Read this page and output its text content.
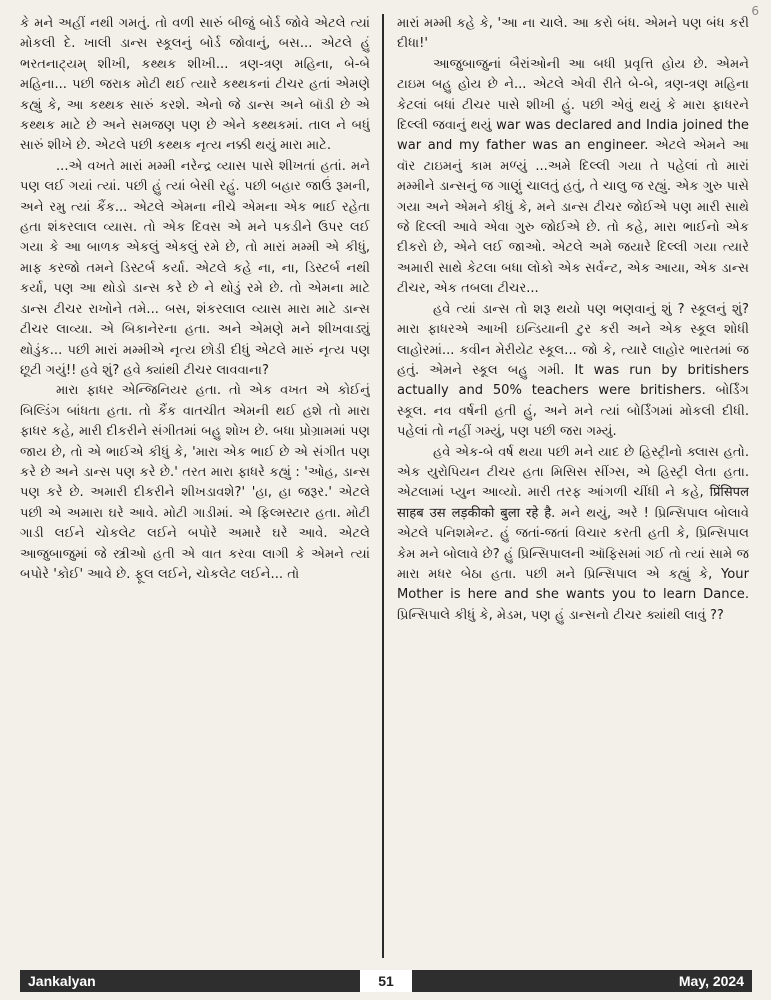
6

કે મને અહીં નથી ગમતું. તો વળી સારું બીજું બોર્ડ જોવે એટલે ત્યાં મોકલી દે. ખાલી ડાન્સ સ્કૂલનું બોર્ડ જોવાનું, બસ... એટલે હું ભરતનાટ્યમ્ શીખી, કથ્થક શીખી... ત્રણ-ત્રણ મહિના, બે-બે મહિના... પછી જરાક મોટી થઈ ત્યારે કથ્થકનાં ટીચર હતાં એમણે કહ્યું કે, આ કથ્થક સારું કરશે. એનો જે ડાન્સ અને બૉડી છે એ કથ્થક માટે છે અને સમજણ પણ છે એને કથ્થકમાં. તાલ ને બધું સારું શીખે છે. એટલે પછી કથ્થક નૃત્ય નક્કી થયું મારા માટે.

...એ વખતે મારાં મમ્મી નરેન્દ્ર વ્યાસ પાસે શીખતાં હતાં. મને પણ લઈ ગયાં ત્યાં. પછી હું ત્યાં બેસી રહું. પછી બહાર જાઉં રૂમની, અને રમુ ત્યાં કૈંક... એટલે એમના નીચે એમના એક ભાઈ રહેતા હતા શંકરલાલ વ્યાસ. તો એક દિવસ એ મને પકડીને ઉપર લઈ ગયા કે આ બાળક એકલું એકલું રમે છે, તો મારાં મમ્મી એ કીધું, માફ કરજો તમને ડિસ્ટર્બ કર્યા. એટલે કહે ના, ના, ડિસ્ટર્બ નથી કર્યા, પણ આ થોડો ડાન્સ કરે છે ને થોડું રમે છે. તો એમના માટે ડાન્સ ટીચર રાખોને તમે... બસ, શંકરલાલ વ્યાસ મારા માટે ડાન્સ ટીચર લાવ્યા. એ બિકાનેરના હતા. અને એમણે મને શીખવાડ્યું થોડુંક... પછી મારાં મમ્મીએ નૃત્ય છોડી દીધું એટલે મારું નૃત્ય પણ છૂટી ગયું!! હવે શું? હવે ક્યાંથી ટીચર લાવવાના?

મારા ફાધર એન્જિનિયર હતા. તો એક વખત એ કોઈનું બિલ્ડિંગ બાંધતા હતા. તો કૈંક વાતચીત એમની થઈ હશે તો મારા ફાધર કહે, મારી દીકરીને સંગીતમાં બહુ શોખ છે. બધા પ્રોગ્રામમાં પણ જાય છે, તો એ ભાઈએ કીધું કે, 'મારા એક ભાઈ છે એ સંગીત પણ કરે છે અને ડાન્સ પણ કરે છે.' તરત મારા ફાધરે કહ્યું : 'ઓહ, ડાન્સ પણ કરે છે. અમારી દીકરીને શીખડાવશે?' 'હા, હા જરૂર.' એટલે પછી એ અમારા ઘરે આવે. મોટી ગાડીમાં. એ ફિલ્મસ્ટાર હતા. મોટી ગાડી લઈને ચોકલેટ લઈને બપોરે અમારે ઘરે આવે. એટલે આજુબાજુમાં જે સ્ત્રીઓ હતી એ વાત કરવા લાગી કે એમને ત્યાં બપોરે 'કોઈ' આવે છે. ફૂલ લઈને, ચોકલેટ લઈને... તો

મારાં મમ્મી કહે કે, 'આ ના ચાલે. આ કરો બંધ. એમને પણ બંધ કરી દીધા!'

આજુબાજુનાં બૈરાંઓની આ બધી પ્રવૃત્તિ હોય છે. એમને ટાઇમ બહુ હોય છે ને... એટલે એવી રીતે બે-બે, ત્રણ-ત્રણ મહિના કેટલાં બધાં ટીચર પાસે શીખી હું. પછી એવું થયું કે મારા ફાધરને દિલ્લી જવાનું થયું war was declared and India joined the war and my father was an engineer. એટલે એમને આ વૉર ટાઇમનું કામ મળ્યું ...અમે દિલ્લી ગયા તે પહેલાં તો મારાં મમ્મીને ડાન્સનું જ ગાણું ચાલતું હતું, તે ચાલુ જ રહ્યું. એક ગુરુ પાસે ગયા અને એમને કીધું કે, મને ડાન્સ ટીચર જોઈએ પણ મારી સાથે જે દિલ્લી આવે એવા ગુરુ જોઈએ છે. તો કહે, મારા ભાઈનો એક દીકરો છે, એને લઈ જાઓ. એટલે અમે જયારે દિલ્લી ગયા ત્યારે અમારી સાથે કેટલા બધા લોકો એક સર્વન્ટ, એક આયા, એક ડાન્સ ટીચર, એક તબલા ટીચર...

હવે ત્યાં ડાન્સ તો શરૂ થયો પણ ભણવાનું શું ? સ્કૂલનું શું? મારા ફાધરએ આખી ઇન્ડિયાની ટુર કરી અને એક સ્કૂલ શોધી લાહોરમાં... કવીન મેરીયેટ સ્કૂલ... જો કે, ત્યારે લાહોર ભારતમાં જ હતું. એમને સ્કૂલ બહુ ગમી. It was run by britishers actually and 50% teachers were britishers. બોર્ડિંગ સ્કૂલ. નવ વર્ષની હતી હું, અને મને ત્યાં બોર્ડિંગમાં મોકલી દીધી. પહેલાં તો નહીં ગમ્યું, પણ પછી જરા ગમ્યું.

હવે એક-બે વર્ષ થયા પછી મને યાદ છે હિસ્ટ્રીનો ક્લાસ હતો. એક યુરોપિયન ટીચર હતા મિસિસ સીંગ્સ, એ હિસ્ટ્રી લેતા હતા. એટલામાં પ્યુન આવ્યો. મારી તરફ આંગળી ચીંધી ને કહે, प्रिंसिपल साहब उस लड़कीको बुला रहे है. મને થયું, અરે ! પ્રિન્સિપાલ બોલાવે એટલે પનિશમેન્ટ. હું જતાં-જતાં વિચાર કરતી હતી કે, પ્રિન્સિપાલ કેમ મને બોલાવે છે? હું પ્રિન્સિપાલની ઑફિસમાં ગઈ તો ત્યાં સામે જ મારા મધર બેઠા હતા. પછી મને પ્રિન્સિપાલ એ કહ્યું કે, Your Mother is here and she wants you to learn Dance. પ્રિન્સિપાલે કીધું કે, મેડમ, પણ હું ડાન્સનો ટીચર ક્યાંથી લાવું ??

Jankalyan	51	May, 2024
